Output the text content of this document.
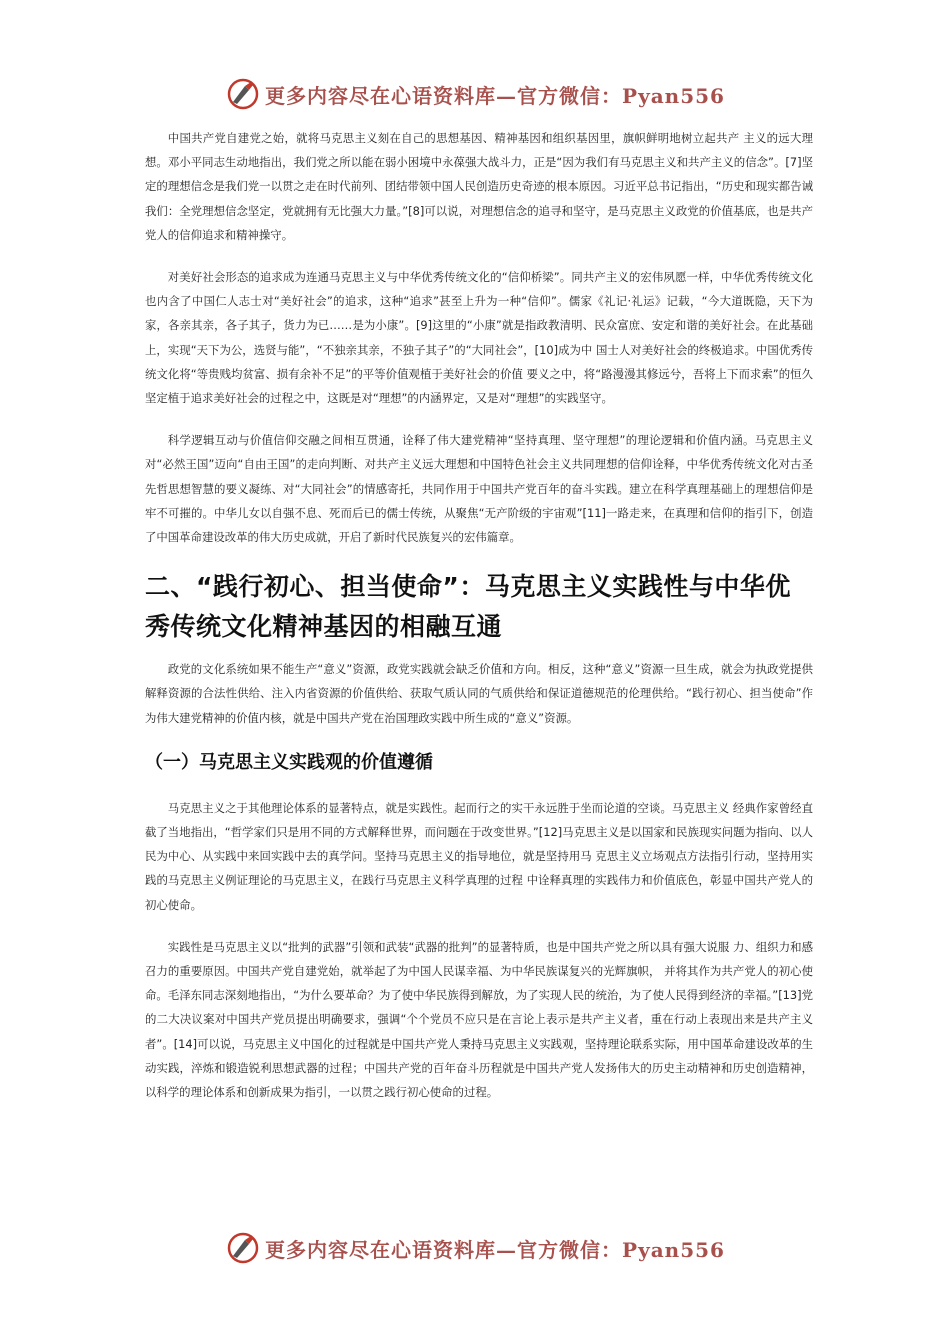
更多内容尽在心语资料库—官方微信：Pyan556

中国共产党自建党之始，就将马克思主义刻在自己的思想基因、精神基因和组织基因里，旗帜鲜明地树立起共产 主义的远大理想。邓小平同志生动地指出，我们党之所以能在弱小困境中永葆强大战斗力，正是“因为我们有马克思主义和共产主义的信念”。[7]坚定的理想信念是我们党一以贯之走在时代前列、团结带领中国人民创造历史奇迹的根本原因。习近平总书记指出，“历史和现实都告诫我们：全党理想信念坚定，党就拥有无比强大力量。”[8]可以说，对理想信念的追寻和坚守，是马克思主义政党的价值基底，也是共产党人的信仰追求和精神操守。

对美好社会形态的追求成为连通马克思主义与中华优秀传统文化的“信仰桥梁”。同共产主义的宏伟夙愿一样，中华优秀传统文化也内含了中国仁人志士对“美好社会”的追求，这种“追求”甚至上升为一种“信仰”。儒家《礼记·礼运》记载，“今大道既隐，天下为家，各亲其亲，各子其子，货力为已……是为小康”。[9]这里的“小康”就是指政教清明、民众富庶、安定和谐的美好社会。在此基础上，实现“天下为公，选贤与能”，“不独亲其亲，不独子其子”的“大同社会”，[10]成为中 国士人对美好社会的终极追求。中国优秀传统文化将“等贵贱均贫富、损有余补不足”的平等价值观植于美好社会的价值 要义之中，将“路漫漫其修远兮，吾将上下而求索”的恒久坚定植于追求美好社会的过程之中，这既是对“理想”的内涵界定，又是对“理想”的实践坚守。

科学逻辑互动与价值信仰交融之间相互贯通，诠释了伟大建党精神“坚持真理、坚守理想”的理论逻辑和价值内涵。马克思主义对“必然王国”迈向“自由王国”的走向判断、对共产主义远大理想和中国特色社会主义共同理想的信仰诠释，中华优秀传统文化对古圣先哲思想智慧的要义凝练、对“大同社会”的情感寄托，共同作用于中国共产党百年的奋斗实践。建立在科学真理基础上的理想信仰是牢不可摧的。中华儿女以自强不息、死而后已的儒士传统，从聚焦“无产阶级的宇宙观”[11]一路走来，在真理和信仰的指引下，创造了中国革命建设改革的伟大历史成就，开启了新时代民族复兴的宏伟篇章。

二、“践行初心、担当使命”：马克思主义实践性与中华优秀传统文化精神基因的相融互通

政党的文化系统如果不能生产“意义”资源，政党实践就会缺乏价值和方向。相反，这种“意义”资源一旦生成，就会为执政党提供解释资源的合法性供给、注入内省资源的价值供给、获取气质认同的气质供给和保证道德规范的伦理供给。“践行初心、担当使命”作为伟大建党精神的价值内核，就是中国共产党在治国理政实践中所生成的“意义”资源。

（一）马克思主义实践观的价值遵循

马克思主义之于其他理论体系的显著特点，就是实践性。起而行之的实干永远胜于坐而论道的空谈。马克思主义 经典作家曾经直截了当地指出，“哲学家们只是用不同的方式解释世界，而问题在于改变世界。”[12]马克思主义是以国家和民族现实问题为指向、以人民为中心、从实践中来回实践中去的真学问。坚持马克思主义的指导地位，就是坚持用马 克思主义立场观点方法指引行动，坚持用实践的马克思主义例证理论的马克思主义，在践行马克思主义科学真理的过程 中诠释真理的实践伟力和价值底色，彰显中国共产党人的初心使命。

实践性是马克思主义以“批判的武器”引领和武装“武器的批判”的显著特质，也是中国共产党之所以具有强大说服 力、组织力和感召力的重要原因。中国共产党自建党始，就举起了为中国人民谋幸福、为中华民族谋复兴的光辉旗帜， 并将其作为共产党人的初心使命。毛泽东同志深刻地指出，“为什么要革命？为了使中华民族得到解放，为了实现人民的统治，为了使人民得到经济的幸福。”[13]党的二大决议案对中国共产党员提出明确要求，强调“个个党员不应只是在言论上表示是共产主义者，重在行动上表现出来是共产主义者”。[14]可以说，马克思主义中国化的过程就是中国共产党人秉持马克思主义实践观，坚持理论联系实际，用中国革命建设改革的生动实践，淬炼和锻造锐利思想武器的过程；中国共产党的百年奋斗历程就是中国共产党人发扬伟大的历史主动精神和历史创造精神，以科学的理论体系和创新成果为指引，一以贯之践行初心使命的过程。

更多内容尽在心语资料库—官方微信：Pyan556
